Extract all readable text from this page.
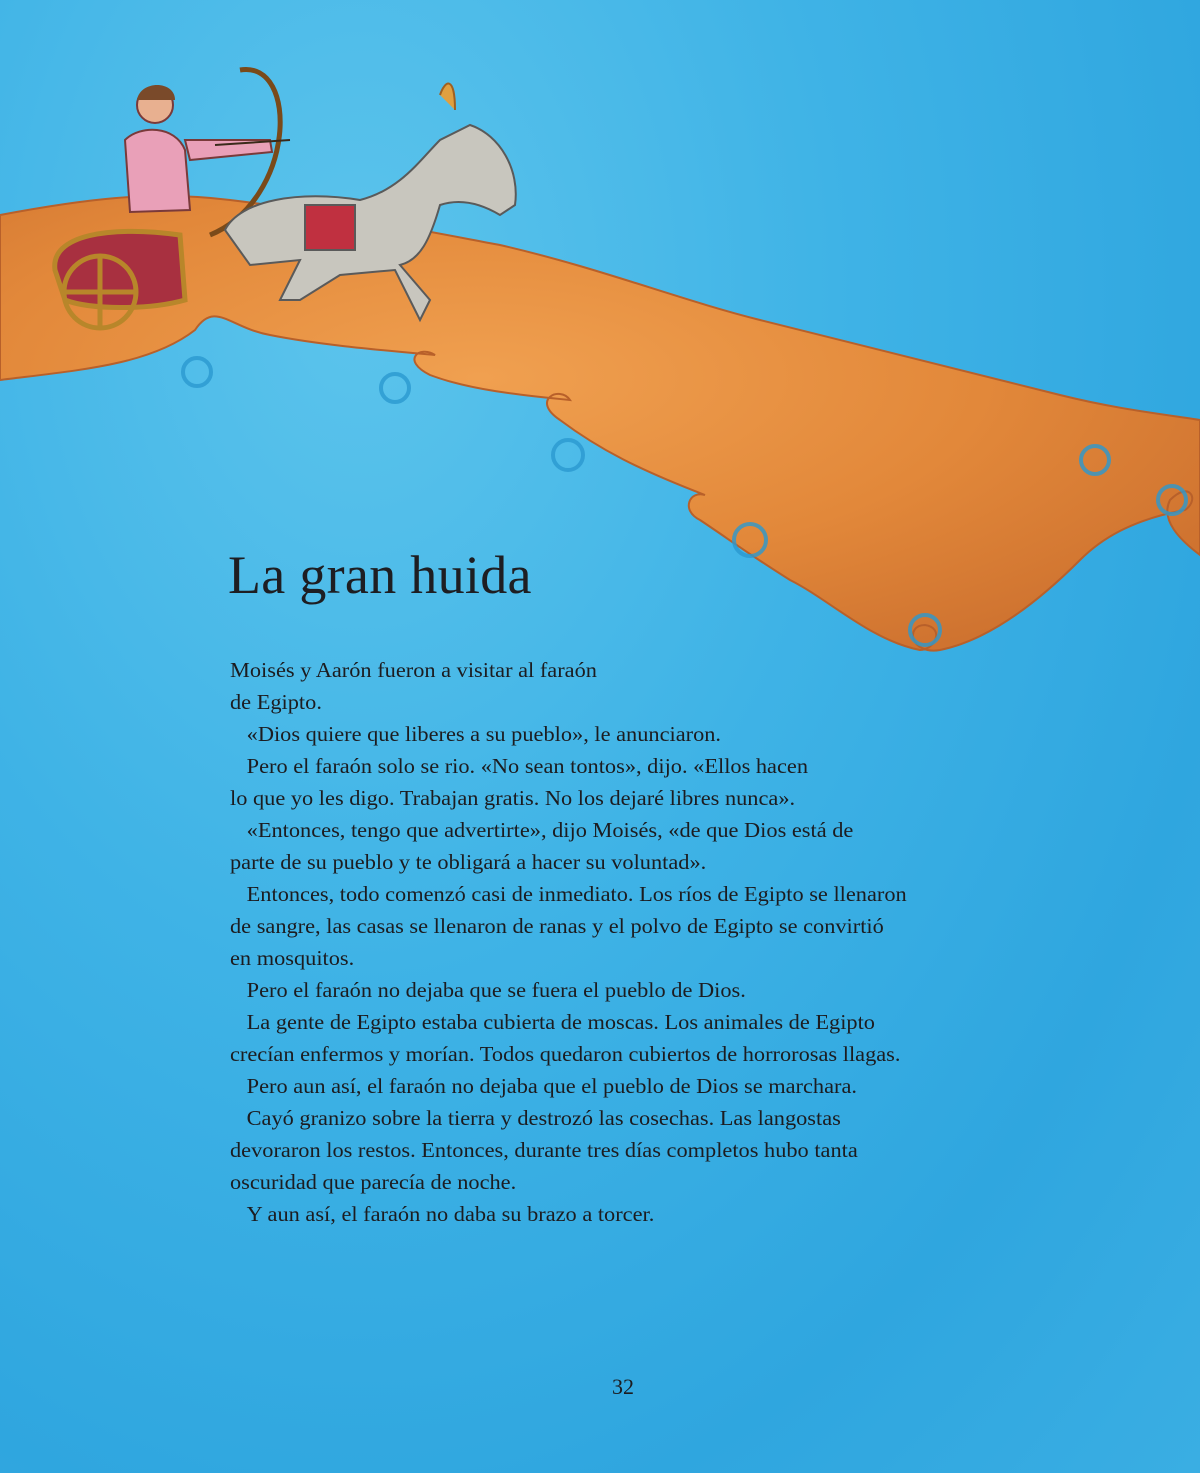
La gran huida
Moisés y Aarón fueron a visitar al faraón
de Egipto.
«Dios quiere que liberes a su pueblo», le anunciaron.
Pero el faraón solo se rio. «No sean tontos», dijo. «Ellos hacen
lo que yo les digo. Trabajan gratis. No los dejaré libres nunca».
«Entonces, tengo que advertirte», dijo Moisés, «de que Dios está de
parte de su pueblo y te obligará a hacer su voluntad».
Entonces, todo comenzó casi de inmediato. Los ríos de Egipto se llenaron
de sangre, las casas se llenaron de ranas y el polvo de Egipto se convirtió
en mosquitos.
Pero el faraón no dejaba que se fuera el pueblo de Dios.
La gente de Egipto estaba cubierta de moscas. Los animales de Egipto
crecían enfermos y morían. Todos quedaron cubiertos de horrorosas llagas.
Pero aun así, el faraón no dejaba que el pueblo de Dios se marchara.
Cayó granizo sobre la tierra y destrozó las cosechas. Las langostas
devoraron los restos. Entonces, durante tres días completos hubo tanta
oscuridad que parecía de noche.
Y aun así, el faraón no daba su brazo a torcer.
32
